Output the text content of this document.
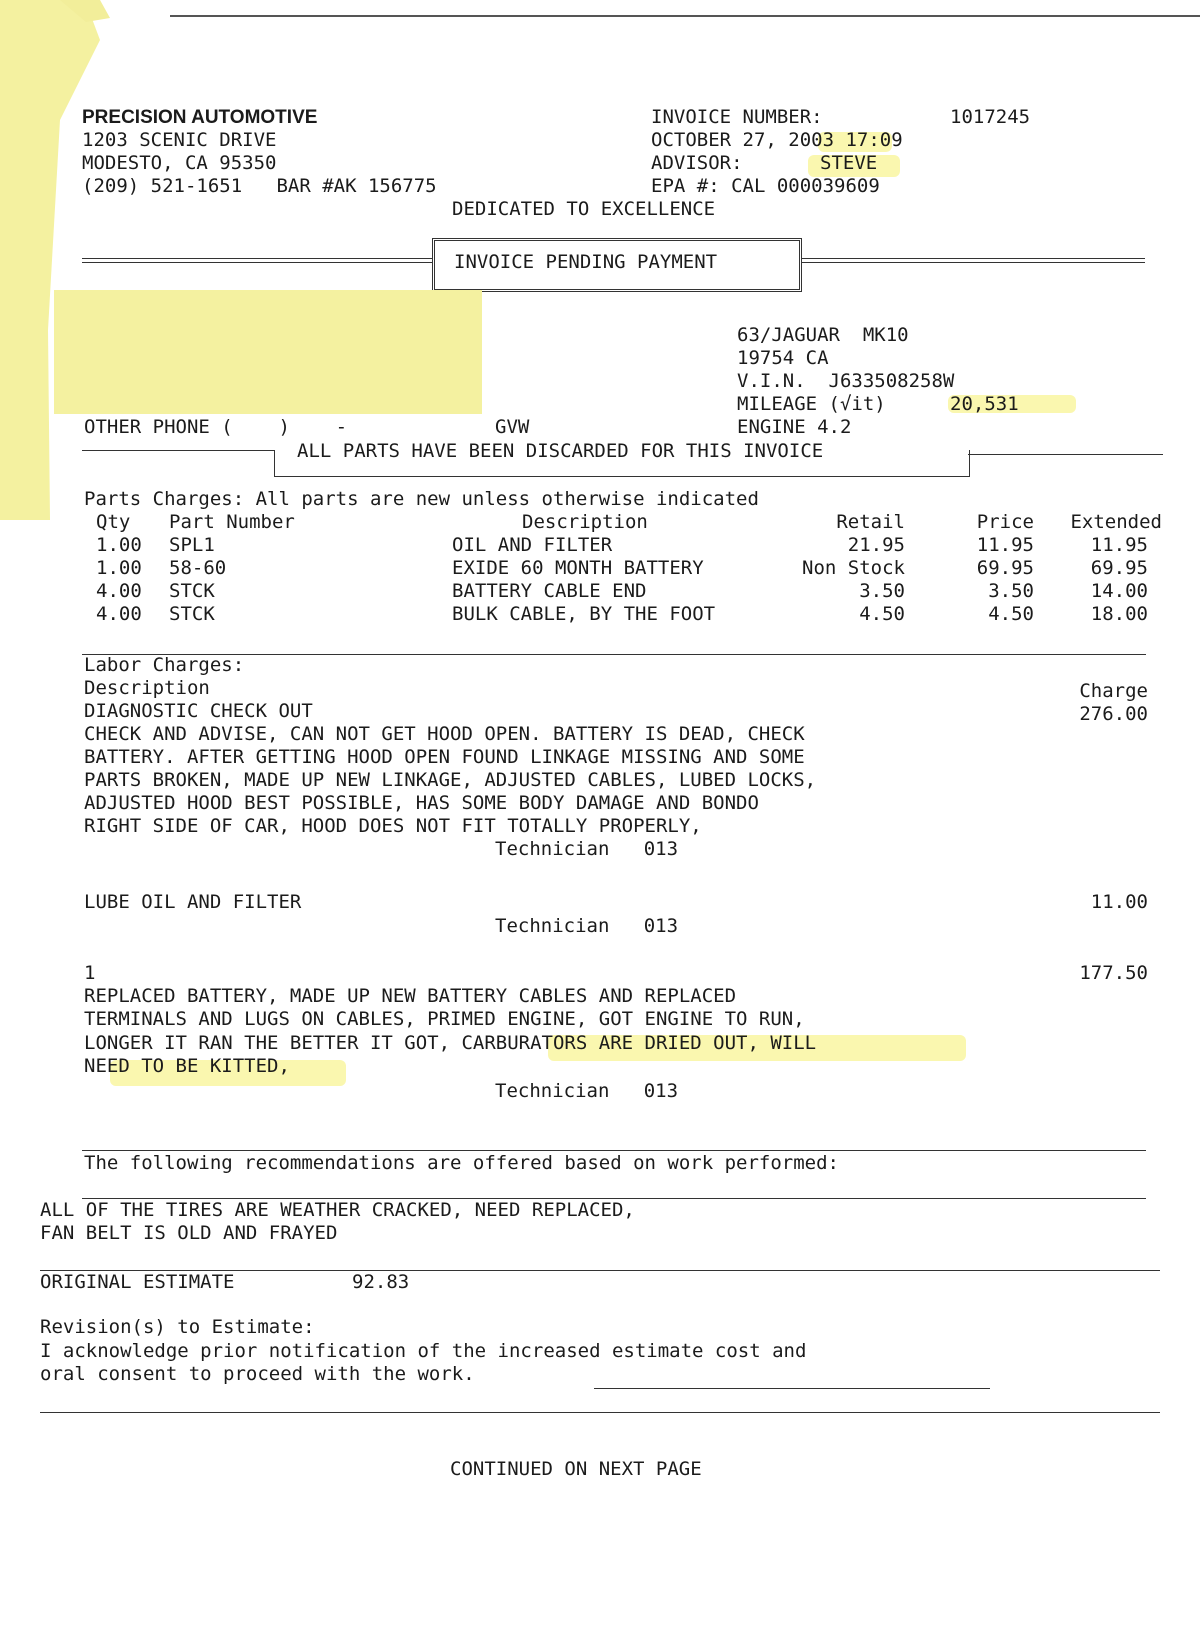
PRECISION AUTOMOTIVE
1203 SCENIC DRIVE
MODESTO, CA 95350
(209) 521-1651   BAR #AK 156775
INVOICE NUMBER:	1017245
OCTOBER 27, 2003 17:09
ADVISOR:	STEVE
EPA #: CAL 000039609
DEDICATED TO EXCELLENCE
INVOICE PENDING PAYMENT
63/JAGUAR  MK10
19754 CA
V.I.N.  J633508258W
MILEAGE (√it)	20,531
OTHER PHONE (    )    -	GVW	ENGINE 4.2
ALL PARTS HAVE BEEN DISCARDED FOR THIS INVOICE
Parts Charges: All parts are new unless otherwise indicated
Qty Part Number	Description	Retail	Price	Extended
1.00 SPL1	OIL AND FILTER	21.95	11.95	11.95
1.00 58-60	EXIDE 60 MONTH BATTERY	Non Stock	69.95	69.95
4.00 STCK	BATTERY CABLE END	3.50	3.50	14.00
4.00 STCK	BULK CABLE, BY THE FOOT	4.50	4.50	18.00
Labor Charges:
Description	Charge
DIAGNOSTIC CHECK OUT	276.00
CHECK AND ADVISE, CAN NOT GET HOOD OPEN. BATTERY IS DEAD, CHECK
BATTERY. AFTER GETTING HOOD OPEN FOUND LINKAGE MISSING AND SOME
PARTS BROKEN, MADE UP NEW LINKAGE, ADJUSTED CABLES, LUBED LOCKS,
ADJUSTED HOOD BEST POSSIBLE, HAS SOME BODY DAMAGE AND BONDO
RIGHT SIDE OF CAR, HOOD DOES NOT FIT TOTALLY PROPERLY,
Technician   013
LUBE OIL AND FILTER	11.00
Technician   013
1	177.50
REPLACED BATTERY, MADE UP NEW BATTERY CABLES AND REPLACED
TERMINALS AND LUGS ON CABLES, PRIMED ENGINE, GOT ENGINE TO RUN,
LONGER IT RAN THE BETTER IT GOT, CARBURATORS ARE DRIED OUT, WILL
NEED TO BE KITTED,
Technician   013
The following recommendations are offered based on work performed:
ALL OF THE TIRES ARE WEATHER CRACKED, NEED REPLACED,
FAN BELT IS OLD AND FRAYED
ORIGINAL ESTIMATE	92.83
Revision(s) to Estimate:
I acknowledge prior notification of the increased estimate cost and
oral consent to proceed with the work.
CONTINUED ON NEXT PAGE
